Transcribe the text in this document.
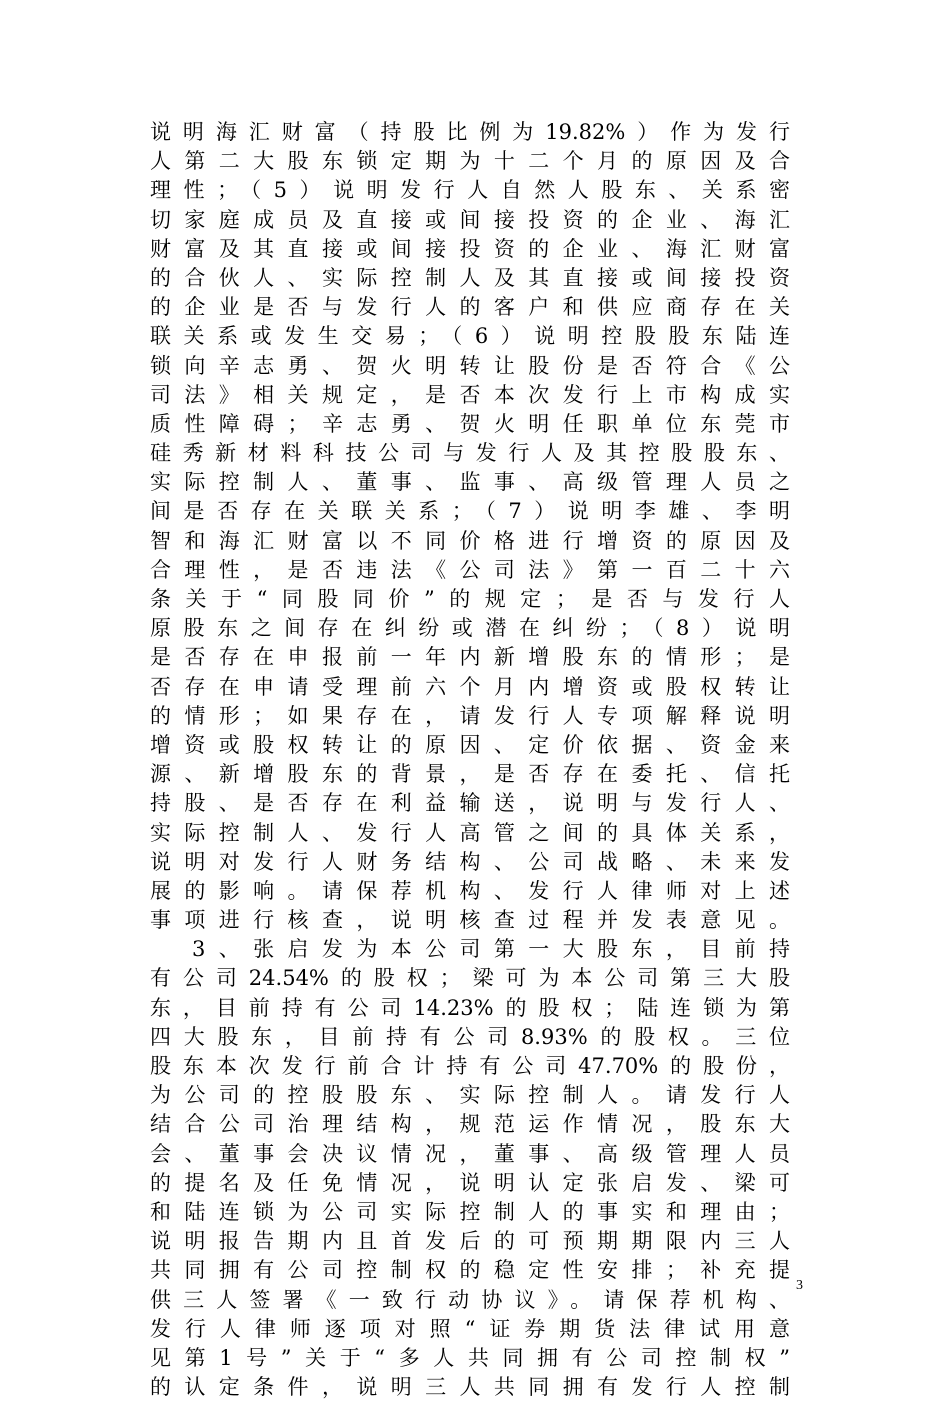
说明海汇财富（持股比例为19.82%）作为发行
人第二大股东锁定期为十二个月的原因及合
理性；（5）说明发行人自然人股东、关系密
切家庭成员及直接或间接投资的企业、海汇
财富及其直接或间接投资的企业、海汇财富
的合伙人、实际控制人及其直接或间接投资
的企业是否与发行人的客户和供应商存在关
联关系或发生交易；（6）说明控股股东陆连
锁向辛志勇、贺火明转让股份是否符合《公
司法》相关规定，是否本次发行上市构成实
质性障碍；辛志勇、贺火明任职单位东莞市
硅秀新材料科技公司与发行人及其控股股东、
实际控制人、董事、监事、高级管理人员之
间是否存在关联关系；（7）说明李雄、李明
智和海汇财富以不同价格进行增资的原因及
合理性，是否违法《公司法》第一百二十六
条关于“同股同价”的规定；是否与发行人
原股东之间存在纠纷或潜在纠纷；（8）说明
是否存在申报前一年内新增股东的情形；是
否存在申请受理前六个月内增资或股权转让
的情形；如果存在，请发行人专项解释说明
增资或股权转让的原因、定价依据、资金来
源、新增股东的背景，是否存在委托、信托
持股、是否存在利益输送，说明与发行人、
实际控制人、发行人高管之间的具体关系，
说明对发行人财务结构、公司战略、未来发
展的影响。请保荐机构、发行人律师对上述
事项进行核查，说明核查过程并发表意见。
3、张启发为本公司第一大股东，目前持
有公司24.54%的股权；梁可为本公司第三大股
东，目前持有公司14.23%的股权；陆连锁为第
四大股东，目前持有公司8.93%的股权。三位
股东本次发行前合计持有公司47.70%的股份，
为公司的控股股东、实际控制人。请发行人
结合公司治理结构，规范运作情况，股东大
会、董事会决议情况，董事、高级管理人员
的提名及任免情况，说明认定张启发、梁可
和陆连锁为公司实际控制人的事实和理由；
说明报告期内且首发后的可预期期限内三人
共同拥有公司控制权的稳定性安排；补充提
供三人签署《一致行动协议》。请保荐机构、
发行人律师逐项对照“证券期货法律试用意
见第1号”关于“多人共同拥有公司控制权”
的认定条件，说明三人共同拥有发行人控制
3
